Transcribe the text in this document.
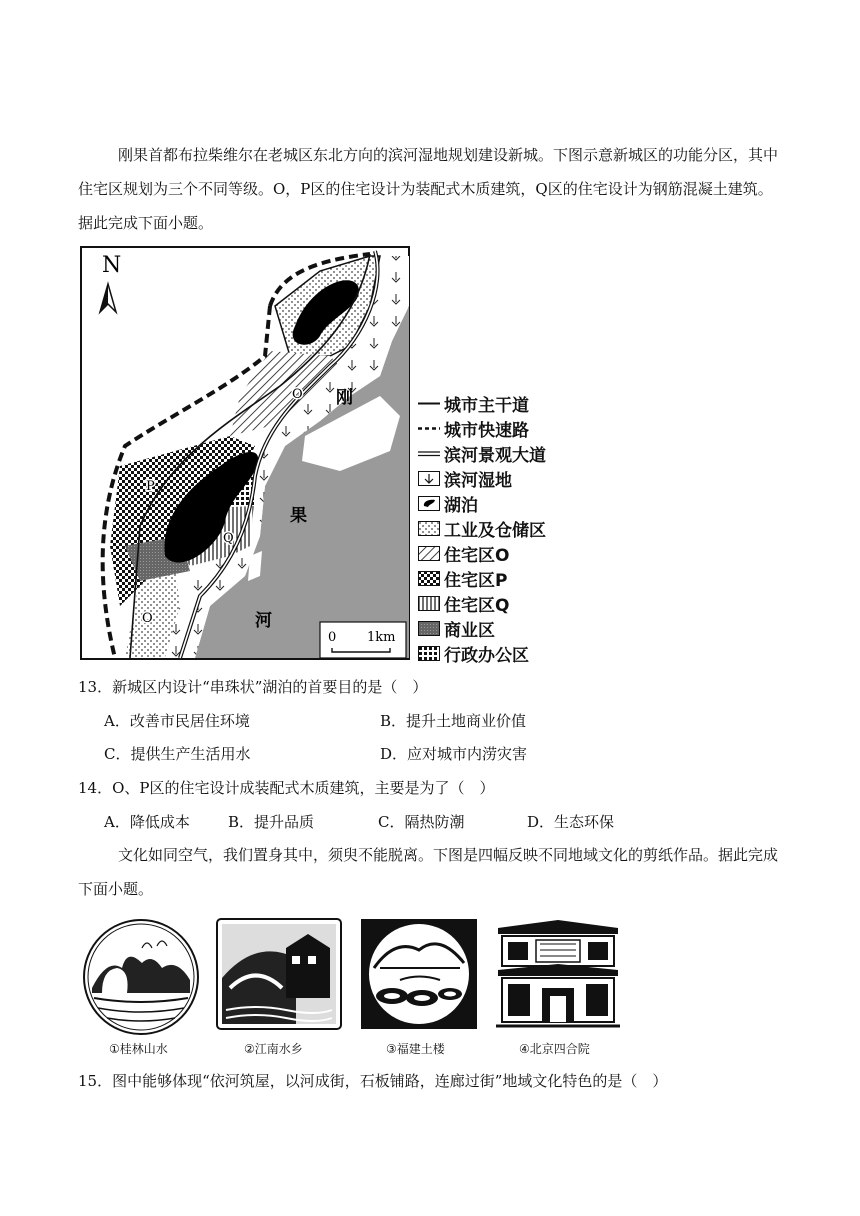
刚果首都布拉柴维尔在老城区东北方向的滨河湿地规划建设新城。下图示意新城区的功能分区，其中
住宅区规划为三个不同等级。O，P区的住宅设计为装配式木质建筑，Q区的住宅设计为钢筋混凝土建筑。
据此完成下面小题。
N
刚
果
河
O
P
Q
O
0 1km
城市主干道
城市快速路
滨河景观大道
滨河湿地
湖泊
工业及仓储区
住宅区O
住宅区P
住宅区Q
商业区
行政办公区
13．新城区内设计“串珠状”湖泊的首要目的是（　）
A．改善市民居住环境	B．提升土地商业价值
C．提供生产生活用水	D．应对城市内涝灾害
14．O、P区的住宅设计成装配式木质建筑，主要是为了（　）
A．降低成本	B．提升品质	C．隔热防潮	D．生态环保
文化如同空气，我们置身其中，须臾不能脱离。下图是四幅反映不同地域文化的剪纸作品。据此完成
下面小题。
①桂林山水	②江南水乡	③福建土楼	④北京四合院
15．图中能够体现“依河筑屋，以河成街，石板铺路，连廊过街”地域文化特色的是（　）
